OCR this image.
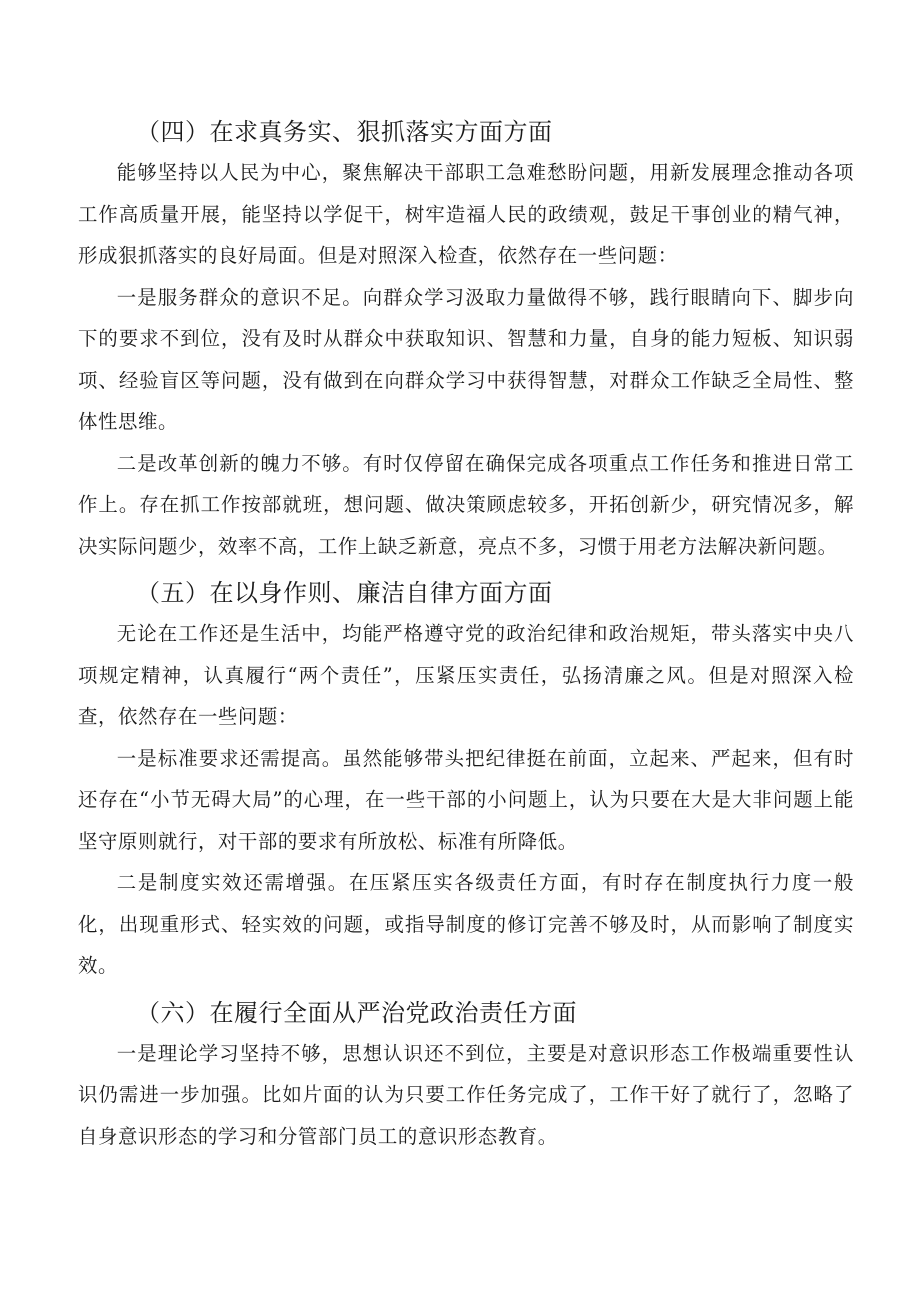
（四）在求真务实、狠抓落实方面方面

能够坚持以人民为中心，聚焦解决干部职工急难愁盼问题，用新发展理念推动各项工作高质量开展，能坚持以学促干，树牢造福人民的政绩观，鼓足干事创业的精气神，形成狠抓落实的良好局面。但是对照深入检查，依然存在一些问题：

一是服务群众的意识不足。向群众学习汲取力量做得不够，践行眼睛向下、脚步向下的要求不到位，没有及时从群众中获取知识、智慧和力量，自身的能力短板、知识弱项、经验盲区等问题，没有做到在向群众学习中获得智慧，对群众工作缺乏全局性、整体性思维。

二是改革创新的魄力不够。有时仅停留在确保完成各项重点工作任务和推进日常工作上。存在抓工作按部就班，想问题、做决策顾虑较多，开拓创新少，研究情况多，解决实际问题少，效率不高，工作上缺乏新意，亮点不多，习惯于用老方法解决新问题。

（五）在以身作则、廉洁自律方面方面

无论在工作还是生活中，均能严格遵守党的政治纪律和政治规矩，带头落实中央八项规定精神，认真履行“两个责任”，压紧压实责任，弘扬清廉之风。但是对照深入检查，依然存在一些问题：

一是标准要求还需提高。虽然能够带头把纪律挺在前面，立起来、严起来，但有时还存在“小节无碍大局”的心理，在一些干部的小问题上，认为只要在大是大非问题上能坚守原则就行，对干部的要求有所放松、标准有所降低。

二是制度实效还需增强。在压紧压实各级责任方面，有时存在制度执行力度一般化，出现重形式、轻实效的问题，或指导制度的修订完善不够及时，从而影响了制度实效。

（六）在履行全面从严治党政治责任方面

一是理论学习坚持不够，思想认识还不到位，主要是对意识形态工作极端重要性认识仍需进一步加强。比如片面的认为只要工作任务完成了，工作干好了就行了，忽略了自身意识形态的学习和分管部门员工的意识形态教育。
